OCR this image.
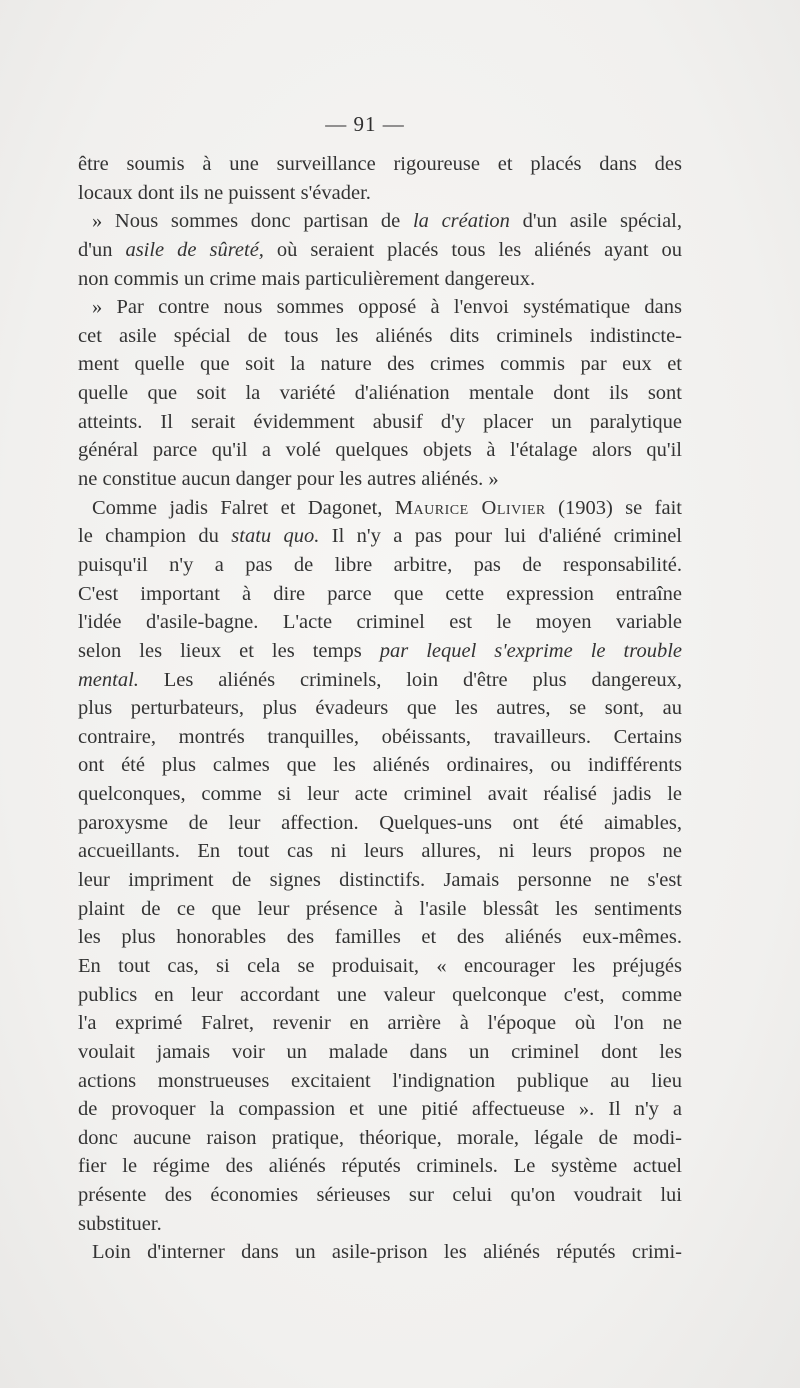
— 91 —
être soumis à une surveillance rigoureuse et placés dans des
locaux dont ils ne puissent s'évader.
» Nous sommes donc partisan de la création d'un asile spécial,
d'un asile de sûreté, où seraient placés tous les aliénés ayant ou
non commis un crime mais particulièrement dangereux.
» Par contre nous sommes opposé à l'envoi systématique dans
cet asile spécial de tous les aliénés dits criminels indistincte-
ment quelle que soit la nature des crimes commis par eux et
quelle que soit la variété d'aliénation mentale dont ils sont
atteints. Il serait évidemment abusif d'y placer un paralytique
général parce qu'il a volé quelques objets à l'étalage alors qu'il
ne constitue aucun danger pour les autres aliénés. »
Comme jadis Falret et Dagonet, Maurice Olivier (1903) se fait
le champion du statu quo. Il n'y a pas pour lui d'aliéné criminel
puisqu'il n'y a pas de libre arbitre, pas de responsabilité.
C'est important à dire parce que cette expression entraîne
l'idée d'asile-bagne. L'acte criminel est le moyen variable
selon les lieux et les temps par lequel s'exprime le trouble
mental. Les aliénés criminels, loin d'être plus dangereux,
plus perturbateurs, plus évadeurs que les autres, se sont, au
contraire, montrés tranquilles, obéissants, travailleurs. Certains
ont été plus calmes que les aliénés ordinaires, ou indifférents
quelconques, comme si leur acte criminel avait réalisé jadis le
paroxysme de leur affection. Quelques-uns ont été aimables,
accueillants. En tout cas ni leurs allures, ni leurs propos ne
leur impriment de signes distinctifs. Jamais personne ne s'est
plaint de ce que leur présence à l'asile blessât les sentiments
les plus honorables des familles et des aliénés eux-mêmes.
En tout cas, si cela se produisait, « encourager les préjugés
publics en leur accordant une valeur quelconque c'est, comme
l'a exprimé Falret, revenir en arrière à l'époque où l'on ne
voulait jamais voir un malade dans un criminel dont les
actions monstrueuses excitaient l'indignation publique au lieu
de provoquer la compassion et une pitié affectueuse ». Il n'y a
donc aucune raison pratique, théorique, morale, légale de modi-
fier le régime des aliénés réputés criminels. Le système actuel
présente des économies sérieuses sur celui qu'on voudrait lui
substituer.
Loin d'interner dans un asile-prison les aliénés réputés crimi-
